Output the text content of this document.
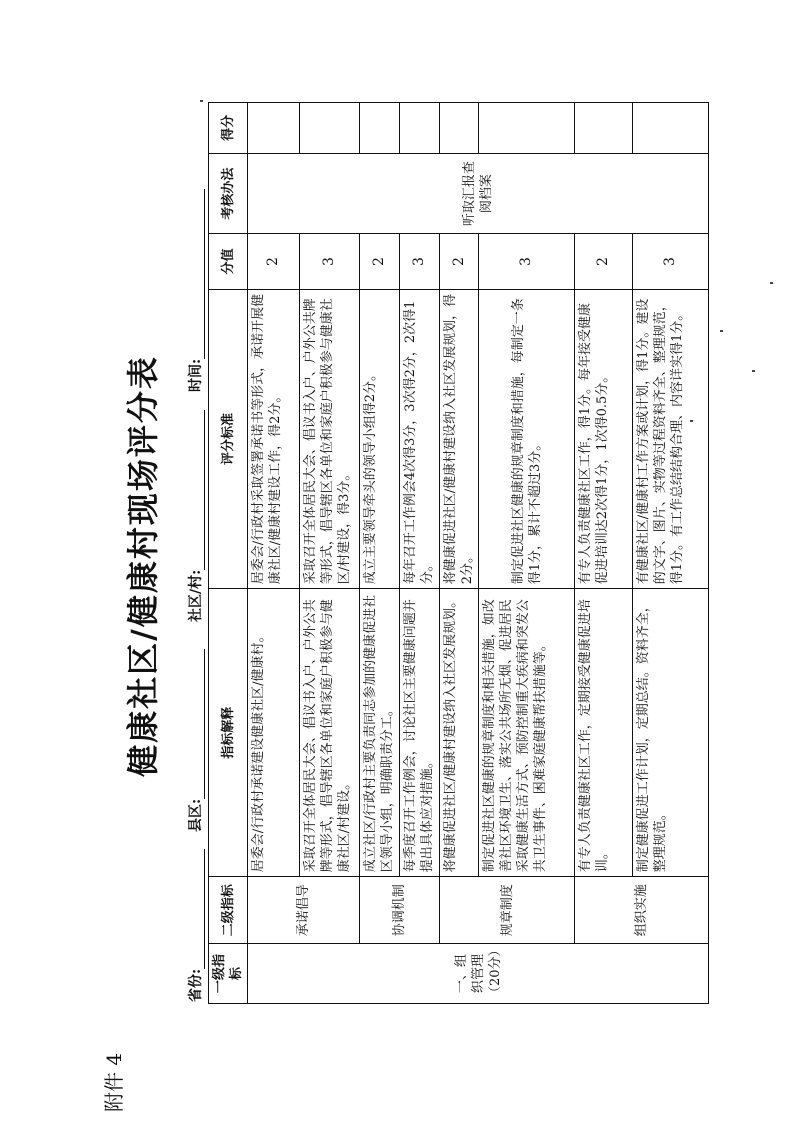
附件 4
健康社区/健康村现场评分表
省份:
县区:
社区/村:
时间:
一级指标	二级指标	指标解释	评分标准	分值	考核办法	得分
一、组织管理（20分）	承诺倡导	居委会/行政村承诺建设健康社区/健康村。	居委会/行政村采取签署承诺书等形式，承诺开展健康社区/健康村建设工作，得2分。	2	听取汇报查阅档案	
		采取召开全体居民大会、倡议书入户、户外公共牌等形式，倡导辖区各单位和家庭户积极参与健康社区/村建设。	采取召开全体居民大会、倡议书入户、户外公共牌等形式，倡导辖区各单位和家庭户积极参与健康社区/村建设，得3分。	3		
	协调机制	成立社区/行政村主要负责同志参加的健康促进社区领导小组，明确职责分工。	成立主要领导牵头的领导小组得2分。	2		
		每季度召开工作例会，讨论社区主要健康问题并提出具体应对措施。	每年召开工作例会4次得3分，3次得2分，2次得1分。	3		
	规章制度	将健康促进社区/健康村建设纳入社区发展规划。	将健康促进社区/健康村建设纳入社区发展规划，得2分。	2		
		制定促进社区健康的规章制度和相关措施，如改善社区环境卫生、落实公共场所无烟、促进居民采取健康生活方式、预防控制重大疾病和突发公共卫生事件、困难家庭健康帮扶措施等。	制定促进社区健康的规章制度和措施，每制定一条得1分，累计不超过3分。	3		
	组织实施	有专人负责健康社区工作，定期接受健康促进培训。	有专人负责健康社区工作，得1分。每年接受健康促进培训达2次得1分，1次得0.5分。	2		
		制定健康促进工作计划，定期总结。资料齐全，整理规范。	有健康社区/健康村工作方案或计划，得1分。建设的文字、图片、实物等过程资料齐全、整理规范，得1分。有工作总结结构合理、内容详实得1分。	3		
